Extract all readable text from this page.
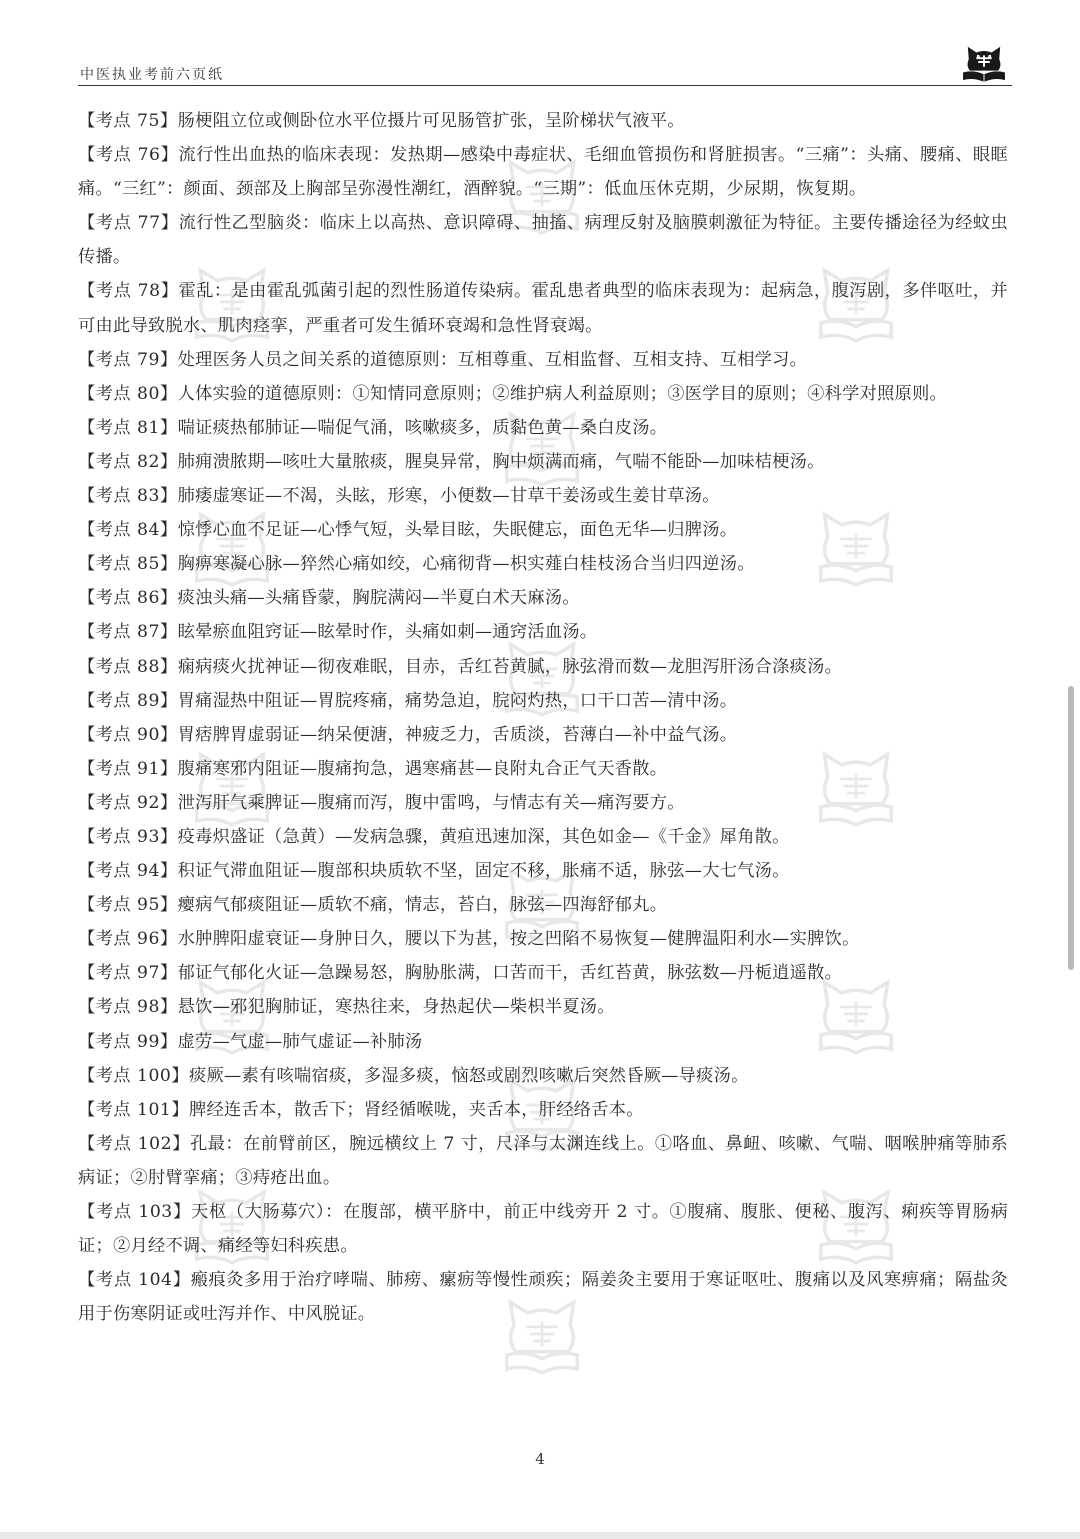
中医执业考前六页纸

【考点 75】肠梗阻立位或侧卧位水平位摄片可见肠管扩张，呈阶梯状气液平。

【考点 76】流行性出血热的临床表现：发热期—感染中毒症状、毛细血管损伤和肾脏损害。“三痛”：头痛、腰痛、眼眶痛。“三红”：颜面、颈部及上胸部呈弥漫性潮红，酒醉貌。“三期”：低血压休克期，少尿期，恢复期。

【考点 77】流行性乙型脑炎：临床上以高热、意识障碍、抽搐、病理反射及脑膜刺激征为特征。主要传播途径为经蚊虫传播。

【考点 78】霍乱：是由霍乱弧菌引起的烈性肠道传染病。霍乱患者典型的临床表现为：起病急，腹泻剧，多伴呕吐，并可由此导致脱水、肌肉痉挛，严重者可发生循环衰竭和急性肾衰竭。

【考点 79】处理医务人员之间关系的道德原则：互相尊重、互相监督、互相支持、互相学习。

【考点 80】人体实验的道德原则：①知情同意原则；②维护病人利益原则；③医学目的原则；④科学对照原则。

【考点 81】喘证痰热郁肺证—喘促气涌，咳嗽痰多，质黏色黄—桑白皮汤。

【考点 82】肺痈溃脓期—咳吐大量脓痰，腥臭异常，胸中烦满而痛，气喘不能卧—加味桔梗汤。

【考点 83】肺痿虚寒证—不渴，头眩，形寒，小便数—甘草干姜汤或生姜甘草汤。

【考点 84】惊悸心血不足证—心悸气短，头晕目眩，失眠健忘，面色无华—归脾汤。

【考点 85】胸痹寒凝心脉—猝然心痛如绞，心痛彻背—枳实薤白桂枝汤合当归四逆汤。

【考点 86】痰浊头痛—头痛昏蒙，胸脘满闷—半夏白术天麻汤。

【考点 87】眩晕瘀血阻窍证—眩晕时作，头痛如刺—通窍活血汤。

【考点 88】痫病痰火扰神证—彻夜难眠，目赤，舌红苔黄腻，脉弦滑而数—龙胆泻肝汤合涤痰汤。

【考点 89】胃痛湿热中阻证—胃脘疼痛，痛势急迫，脘闷灼热，口干口苦—清中汤。

【考点 90】胃痞脾胃虚弱证—纳呆便溏，神疲乏力，舌质淡，苔薄白—补中益气汤。

【考点 91】腹痛寒邪内阻证—腹痛拘急，遇寒痛甚—良附丸合正气天香散。

【考点 92】泄泻肝气乘脾证—腹痛而泻，腹中雷鸣，与情志有关—痛泻要方。

【考点 93】疫毒炽盛证（急黄）—发病急骤，黄疸迅速加深，其色如金—《千金》犀角散。

【考点 94】积证气滞血阻证—腹部积块质软不坚，固定不移，胀痛不适，脉弦—大七气汤。

【考点 95】瘿病气郁痰阻证—质软不痛，情志，苔白，脉弦—四海舒郁丸。

【考点 96】水肿脾阳虚衰证—身肿日久，腰以下为甚，按之凹陷不易恢复—健脾温阳利水—实脾饮。

【考点 97】郁证气郁化火证—急躁易怒，胸胁胀满，口苦而干，舌红苔黄，脉弦数—丹栀逍遥散。

【考点 98】悬饮—邪犯胸肺证，寒热往来，身热起伏—柴枳半夏汤。

【考点 99】虚劳—气虚—肺气虚证—补肺汤

【考点 100】痰厥—素有咳喘宿痰，多湿多痰，恼怒或剧烈咳嗽后突然昏厥—导痰汤。

【考点 101】脾经连舌本，散舌下；肾经循喉咙，夹舌本，肝经络舌本。

【考点 102】孔最：在前臂前区，腕远横纹上 7 寸，尺泽与太渊连线上。①咯血、鼻衄、咳嗽、气喘、咽喉肿痛等肺系病证；②肘臂挛痛；③痔疮出血。

【考点 103】天枢（大肠募穴）：在腹部，横平脐中，前正中线旁开 2 寸。①腹痛、腹胀、便秘、腹泻、痢疾等胃肠病证；②月经不调、痛经等妇科疾患。

【考点 104】瘢痕灸多用于治疗哮喘、肺痨、瘰疬等慢性顽疾；隔姜灸主要用于寒证呕吐、腹痛以及风寒痹痛；隔盐灸用于伤寒阴证或吐泻并作、中风脱证。

4
